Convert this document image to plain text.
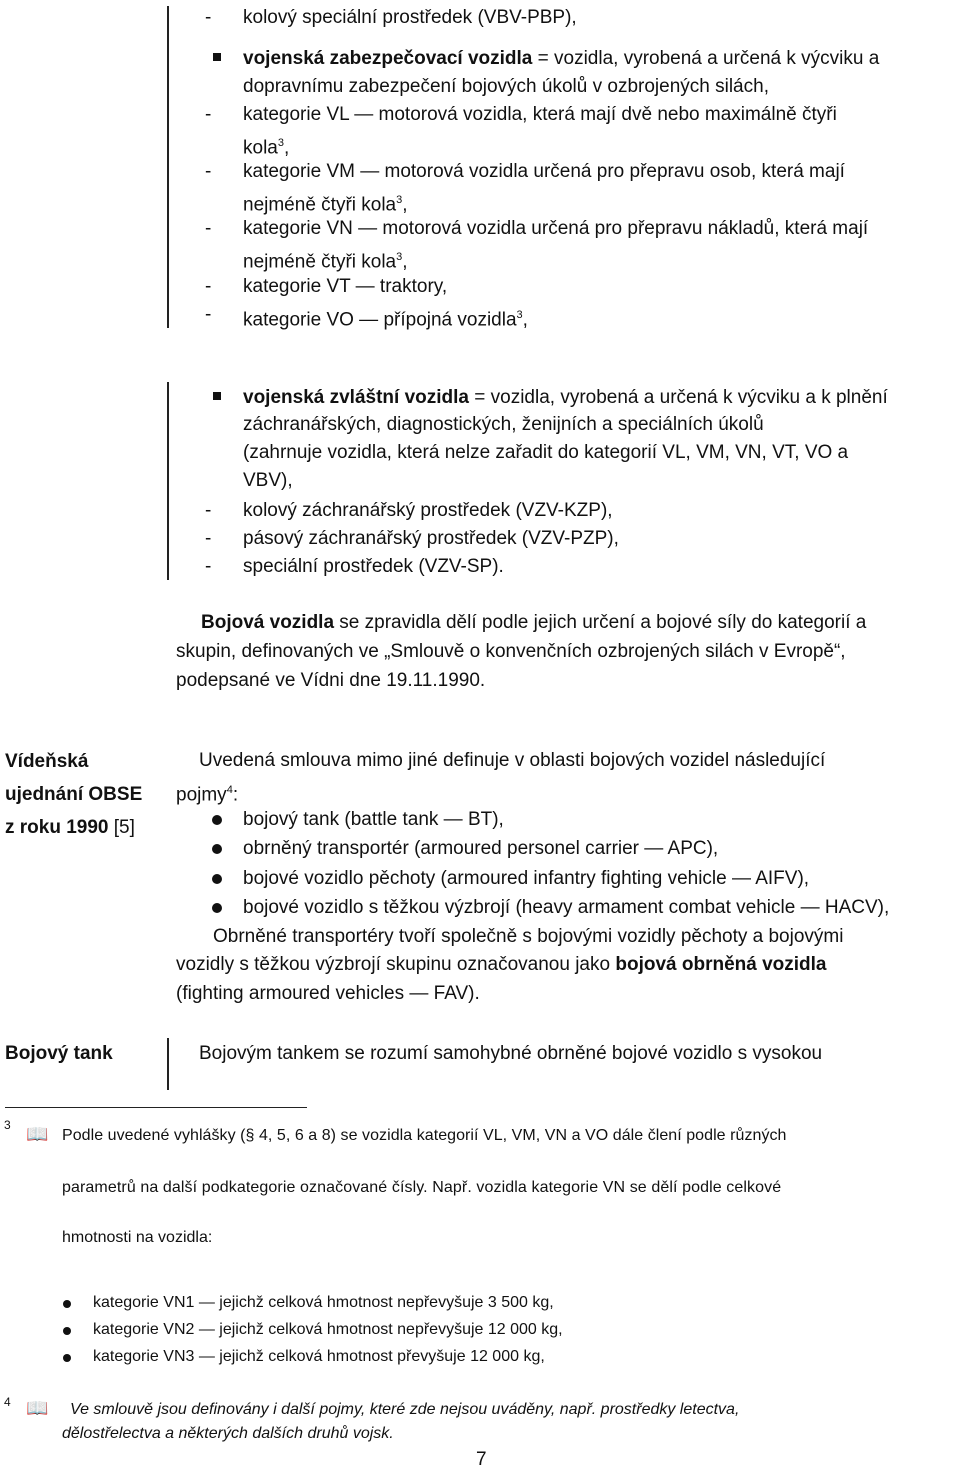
- kolový speciální prostředek (VBV-PBP),
vojenská zabezpečovací vozidla = vozidla, vyrobená a určená k výcviku a
dopravnímu zabezpečení bojových úkolů v ozbrojených silách,
- kategorie VL — motorová vozidla, která mají dvě nebo maximálně čtyři
kola$^3$,
- kategorie VM — motorová vozidla určená pro přepravu osob, která mají
nejméně čtyři kola$^3$,
- kategorie VN — motorová vozidla určená pro přepravu nákladů, která mají
nejméně čtyři kola$^3$,
- kategorie VT — traktory,
- kategorie VO — přípojná vozidla$^3$,
vojenská zvláštní vozidla = vozidla, vyrobená a určená k výcviku a k plnění
záchranářských, diagnostických, ženijních a speciálních úkolů
(zahrnuje vozidla, která nelze zařadit do kategorií VL, VM, VN, VT, VO a
VBV),
- kolový záchranářský prostředek (VZV-KZP),
- pásový záchranářský prostředek (VZV-PZP),
- speciální prostředek (VZV-SP).
Bojová vozidla se zpravidla dělí podle jejich určení a bojové síly do kategorií a
skupin, definovaných ve „Smlouvě o konvenčních ozbrojených silách v Evropě“,
podepsané ve Vídni dne 19.11.1990.
Vídeňská
ujednání OBSE
z roku 1990 [5]
Bojový tank
Uvedená smlouva mimo jiné definuje v oblasti bojových vozidel následující
pojmy$^4$:
bojový tank (battle tank — BT),
obrněný transportér (armoured personel carrier — APC),
bojové vozidlo pěchoty (armoured infantry fighting vehicle — AIFV),
bojové vozidlo s těžkou výzbrojí (heavy armament combat vehicle — HACV),
Obrněné transportéry tvoří společně s bojovými vozidly pěchoty a bojovými
vozidly s těžkou výzbrojí skupinu označovanou jako bojová obrněná vozidla
(fighting armoured vehicles — FAV).
Bojovým tankem se rozumí samohybné obrněné bojové vozidlo s vysokou
3 📖 Podle uvedené vyhlášky (§ 4, 5, 6 a 8) se vozidla kategorií VL, VM, VN a VO dále člení podle různých
parametrů na další podkategorie označované čísly. Např. vozidla kategorie VN se dělí podle celkové
hmotnosti na vozidla:
kategorie VN1 — jejichž celková hmotnost nepřevyšuje 3 500 kg,
kategorie VN2 — jejichž celková hmotnost nepřevyšuje 12 000 kg,
kategorie VN3 — jejichž celková hmotnost převyšuje 12 000 kg,
4 📖 Ve smlouvě jsou definovány i další pojmy, které zde nejsou uváděny, např. prostředky letectva,
dělostřelectva a některých dalších druhů vojsk.
7
